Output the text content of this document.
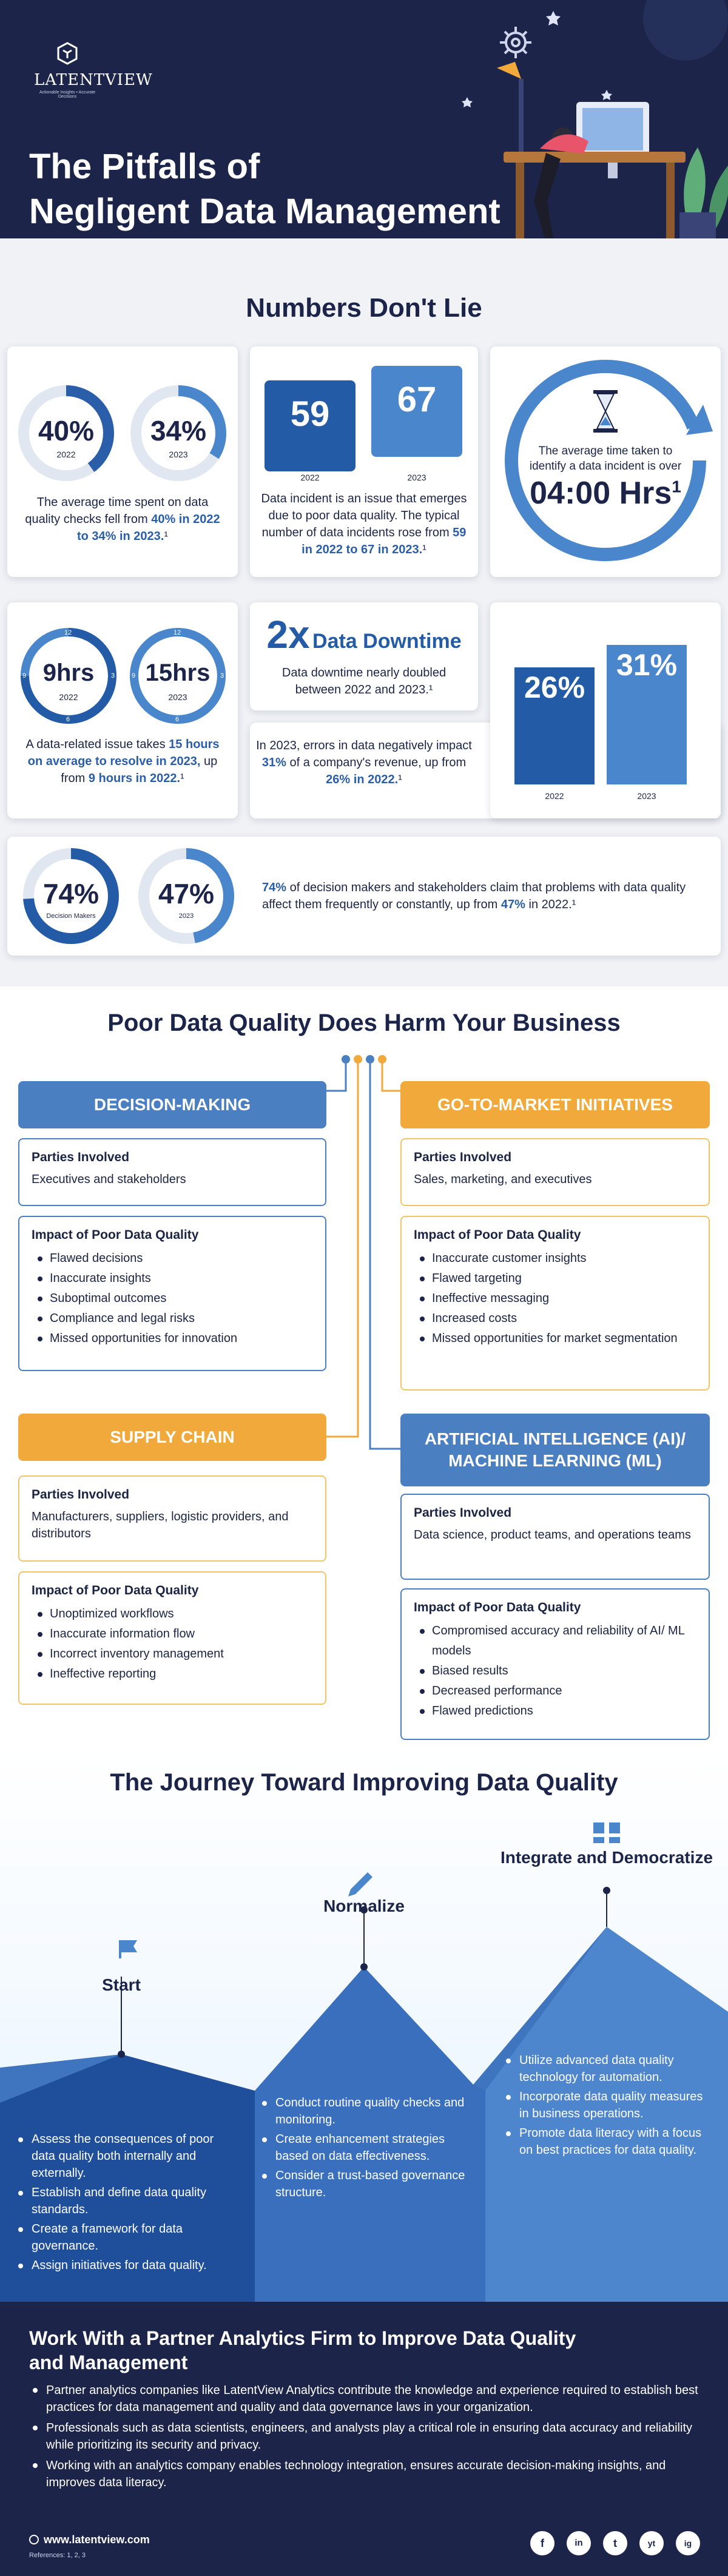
LATENTVIEW
Actionable Insights • Accurate Decisions
The Pitfalls of
Negligent Data Management
Numbers Don't Lie
40%
2022
34%
2023
The average time spent on data quality checks fell from 40% in 2022 to 34% in 2023.¹
59	67
2022	2023
Data incident is an issue that emerges due to poor data quality. The typical number of data incidents rose from 59 in 2022 to 67 in 2023.¹
The average time taken to identify a data incident is over
04:00 Hrs$^1$
12
3
6
9 9hrs
2022
12
3
6
9 15hrs
2023
A data-related issue takes 15 hours on average to resolve in 2023, up from 9 hours in 2022.¹
2x Data Downtime
Data downtime nearly doubled between 2022 and 2023.¹
In 2023, errors in data negatively impact 31% of a company's revenue, up from 26% in 2022.¹
26%
2022
31%
2023
74%
Decision Makers
47%
2023
74% of decision makers and stakeholders claim that problems with data quality affect them frequently or constantly, up from 47% in 2022.¹
Poor Data Quality Does Harm Your Business
DECISION-MAKING
Parties Involved
Executives and stakeholders
Impact of Poor Data Quality
Flawed decisions
Inaccurate insights
Suboptimal outcomes
Compliance and legal risks
Missed opportunities for innovation
GO-TO-MARKET INITIATIVES
Parties Involved
Sales, marketing, and executives
Impact of Poor Data Quality
Inaccurate customer insights
Flawed targeting
Ineffective messaging
Increased costs
Missed opportunities for market segmentation
SUPPLY CHAIN
Parties Involved
Manufacturers, suppliers, logistic providers, and distributors
Impact of Poor Data Quality
Unoptimized workflows
Inaccurate information flow
Incorrect inventory management
Ineffective reporting
ARTIFICIAL INTELLIGENCE (AI)/
MACHINE LEARNING (ML)
Parties Involved
Data science, product teams, and operations teams
Impact of Poor Data Quality
Compromised accuracy and reliability of AI/ ML models
Biased results
Decreased performance
Flawed predictions
The Journey Toward Improving Data Quality
Start
Normalize
Integrate and Democratize
Assess the consequences of poor data quality both internally and externally.
Establish and define data quality standards.
Create a framework for data governance.
Assign initiatives for data quality.
Conduct routine quality checks and monitoring.
Create enhancement strategies based on data effectiveness.
Consider a trust-based governance structure.
Utilize advanced data quality technology for automation.
Incorporate data quality measures in business operations.
Promote data literacy with a focus on best practices for data quality.
Work With a Partner Analytics Firm to Improve Data Quality
and Management
Partner analytics companies like LatentView Analytics contribute the knowledge and experience required to establish best practices for data management and quality and data governance laws in your organization.
Professionals such as data scientists, engineers, and analysts play a critical role in ensuring data accuracy and reliability while prioritizing its security and privacy.
Working with an analytics company enables technology integration, ensures accurate decision-making insights, and improves data literacy.
www.latentview.com
References: 1, 2, 3
f	in	t	yt	ig
